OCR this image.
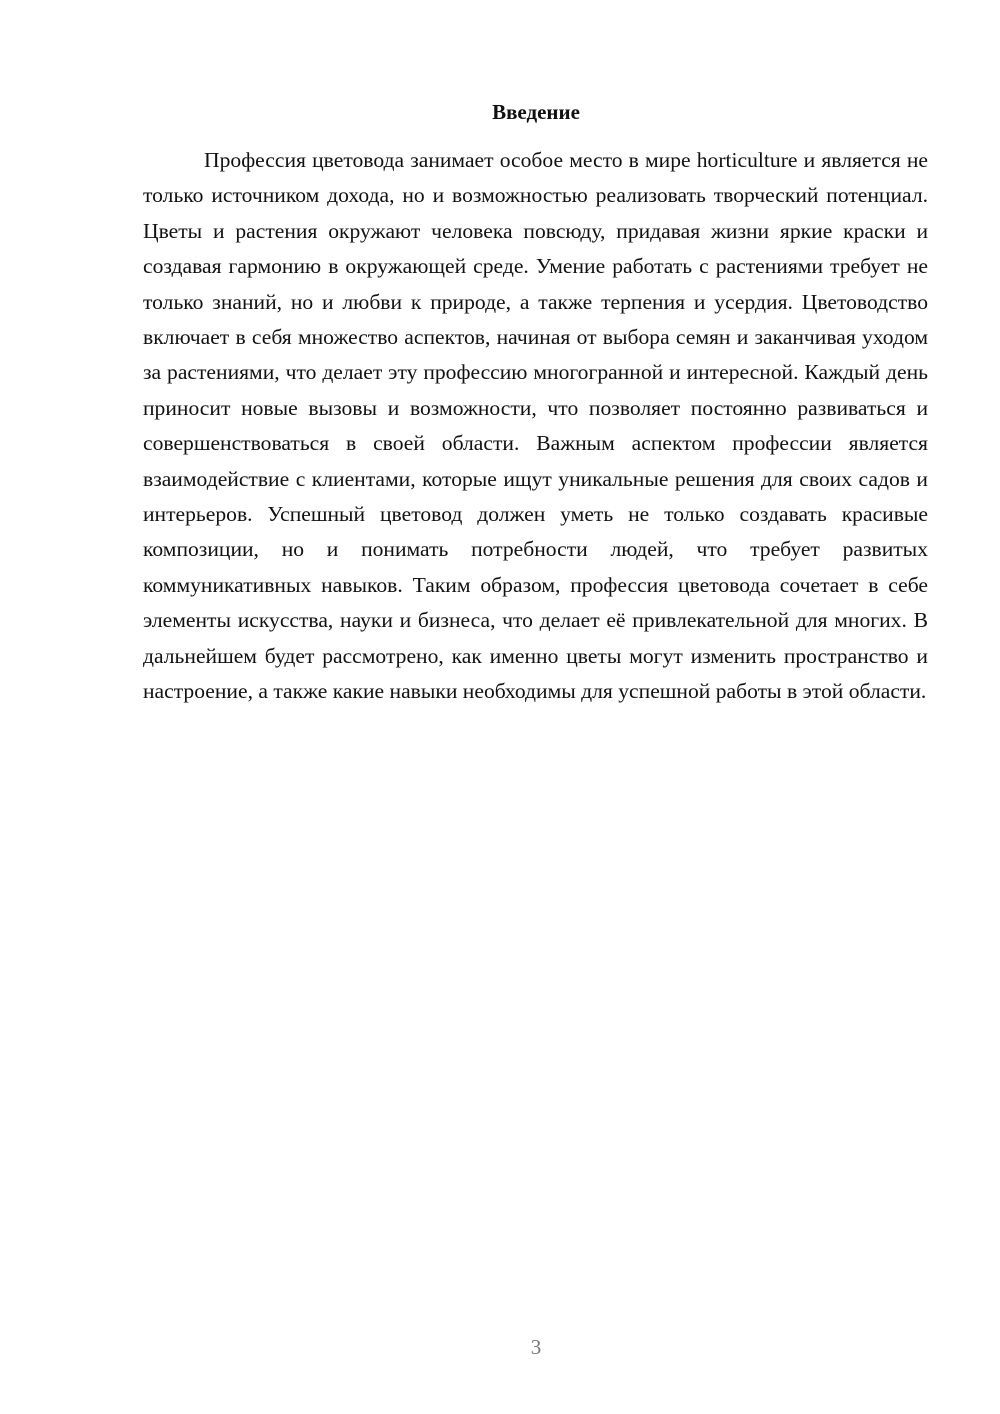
Введение

Профессия цветовода занимает особое место в мире horticulture и является не только источником дохода, но и возможностью реализовать творческий потенциал. Цветы и растения окружают человека повсюду, придавая жизни яркие краски и создавая гармонию в окружающей среде. Умение работать с растениями требует не только знаний, но и любви к природе, а также терпения и усердия. Цветоводство включает в себя множество аспектов, начиная от выбора семян и заканчивая уходом за растениями, что делает эту профессию многогранной и интересной. Каждый день приносит новые вызовы и возможности, что позволяет постоянно развиваться и совершенствоваться в своей области. Важным аспектом профессии является взаимодействие с клиентами, которые ищут уникальные решения для своих садов и интерьеров. Успешный цветовод должен уметь не только создавать красивые композиции, но и понимать потребности людей, что требует развитых коммуникативных навыков. Таким образом, профессия цветовода сочетает в себе элементы искусства, науки и бизнеса, что делает её привлекательной для многих. В дальнейшем будет рассмотрено, как именно цветы могут изменить пространство и настроение, а также какие навыки необходимы для успешной работы в этой области.

3
